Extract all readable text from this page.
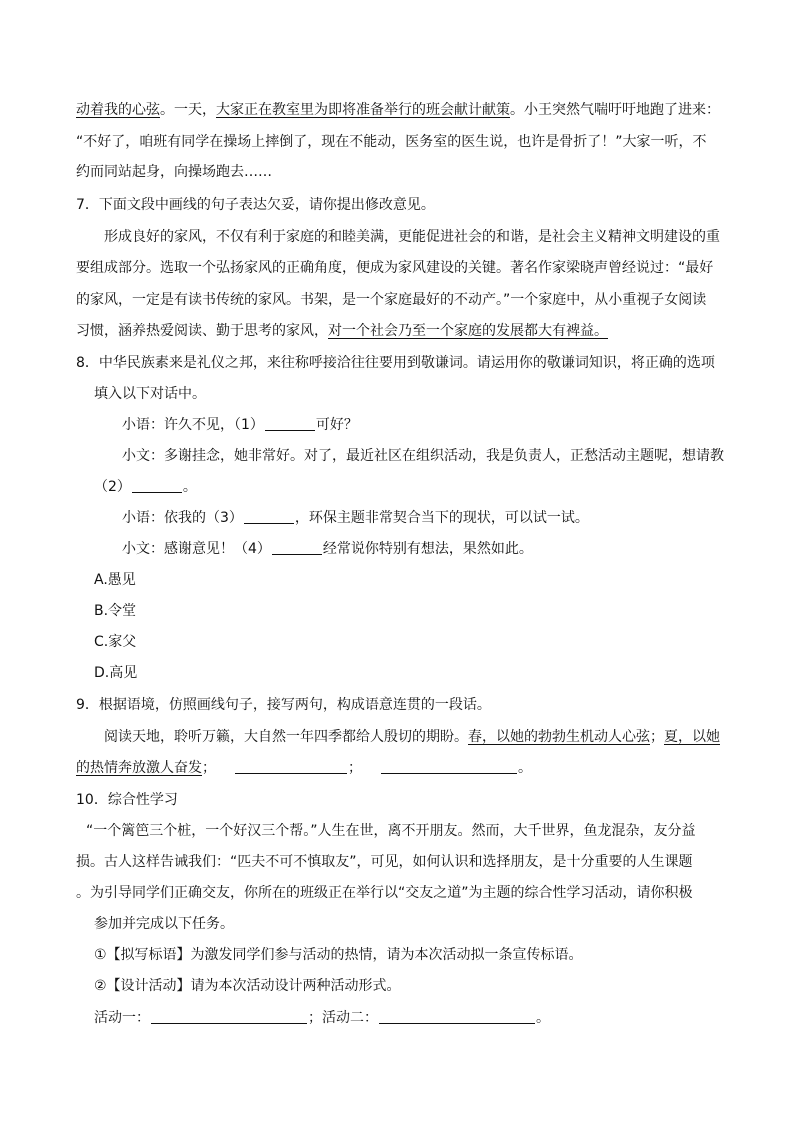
动着我的心弦。一天，大家正在教室里为即将准备举行的班会献计献策。小王突然气喘吁吁地跑了进来：
“不好了，咱班有同学在操场上摔倒了，现在不能动，医务室的医生说，也许是骨折了！”大家一听，不
约而同站起身，向操场跑去……
7．下面文段中画线的句子表达欠妥，请你提出修改意见。
形成良好的家风，不仅有利于家庭的和睦美满，更能促进社会的和谐，是社会主义精神文明建设的重
要组成部分。选取一个弘扬家风的正确角度，便成为家风建设的关键。著名作家梁晓声曾经说过：“最好
的家风，一定是有读书传统的家风。书架，是一个家庭最好的不动产。”一个家庭中，从小重视子女阅读
习惯，涵养热爱阅读、勤于思考的家风，对一个社会乃至一个家庭的发展都大有裨益。
8．中华民族素来是礼仪之邦，来往称呼接洽往往要用到敬谦词。请运用你的敬谦词知识，将正确的选项
填入以下对话中。
小语：许久不见，（1）	可好？
小文：多谢挂念，她非常好。对了，最近社区在组织活动，我是负责人，正愁活动主题呢，想请教
（2）	。
小语：依我的（3）	，环保主题非常契合当下的现状，可以试一试。
小文：感谢意见！（4）	经常说你特别有想法，果然如此。
A.愚见
B.令堂
C.家父
D.高见
9．根据语境，仿照画线句子，接写两句，构成语意连贯的一段话。
阅读天地，聆听万籁，大自然一年四季都给人殷切的期盼。春，以她的勃勃生机动人心弦；夏，以她
的热情奔放激人奋发；	；	。
10．综合性学习
“一个篱笆三个桩，一个好汉三个帮。”人生在世，离不开朋友。然而，大千世界，鱼龙混杂，友分益
损。古人这样告诫我们：“匹夫不可不慎取友”，可见，如何认识和选择朋友，是十分重要的人生课题
。为引导同学们正确交友，你所在的班级正在举行以“交友之道”为主题的综合性学习活动，请你积极
参加并完成以下任务。
①【拟写标语】为激发同学们参与活动的热情，请为本次活动拟一条宣传标语。
②【设计活动】请为本次活动设计两种活动形式。
活动一：	；活动二：	。
